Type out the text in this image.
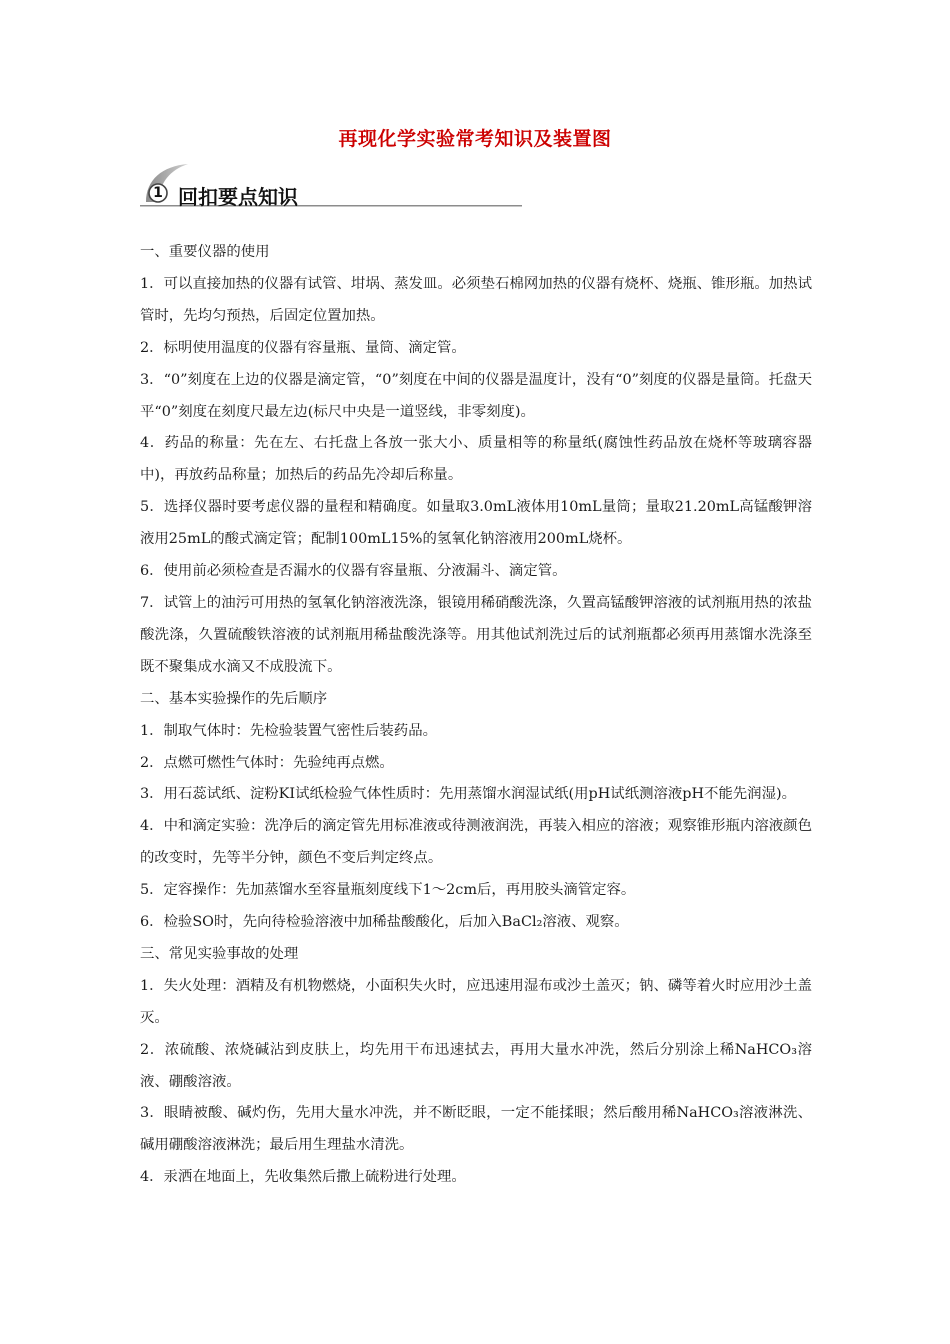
再现化学实验常考知识及装置图
1 回扣要点知识

一、重要仪器的使用

1．可以直接加热的仪器有试管、坩埚、蒸发皿。必须垫石棉网加热的仪器有烧杯、烧瓶、锥形瓶。加热试管时，先均匀预热，后固定位置加热。

2．标明使用温度的仪器有容量瓶、量筒、滴定管。

3．“0”刻度在上边的仪器是滴定管，“0”刻度在中间的仪器是温度计，没有“0”刻度的仪器是量筒。托盘天平“0”刻度在刻度尺最左边(标尺中央是一道竖线，非零刻度)。

4．药品的称量：先在左、右托盘上各放一张大小、质量相等的称量纸(腐蚀性药品放在烧杯等玻璃容器中)，再放药品称量；加热后的药品先冷却后称量。

5．选择仪器时要考虑仪器的量程和精确度。如量取3.0mL液体用10mL量筒；量取21.20mL高锰酸钾溶液用25mL的酸式滴定管；配制100mL15%的氢氧化钠溶液用200mL烧杯。

6．使用前必须检查是否漏水的仪器有容量瓶、分液漏斗、滴定管。

7．试管上的油污可用热的氢氧化钠溶液洗涤，银镜用稀硝酸洗涤，久置高锰酸钾溶液的试剂瓶用热的浓盐酸洗涤，久置硫酸铁溶液的试剂瓶用稀盐酸洗涤等。用其他试剂洗过后的试剂瓶都必须再用蒸馏水洗涤至既不聚集成水滴又不成股流下。

二、基本实验操作的先后顺序

1．制取气体时：先检验装置气密性后装药品。

2．点燃可燃性气体时：先验纯再点燃。

3．用石蕊试纸、淀粉KI试纸检验气体性质时：先用蒸馏水润湿试纸(用pH试纸测溶液pH不能先润湿)。

4．中和滴定实验：洗净后的滴定管先用标准液或待测液润洗，再装入相应的溶液；观察锥形瓶内溶液颜色的改变时，先等半分钟，颜色不变后判定终点。

5．定容操作：先加蒸馏水至容量瓶刻度线下1～2cm后，再用胶头滴管定容。

6．检验SO时，先向待检验溶液中加稀盐酸酸化，后加入BaCl₂溶液、观察。

三、常见实验事故的处理

1．失火处理：酒精及有机物燃烧，小面积失火时，应迅速用湿布或沙土盖灭；钠、磷等着火时应用沙土盖灭。

2．浓硫酸、浓烧碱沾到皮肤上，均先用干布迅速拭去，再用大量水冲洗，然后分别涂上稀NaHCO₃溶液、硼酸溶液。

3．眼睛被酸、碱灼伤，先用大量水冲洗，并不断眨眼，一定不能揉眼；然后酸用稀NaHCO₃溶液淋洗、碱用硼酸溶液淋洗；最后用生理盐水清洗。

4．汞洒在地面上，先收集然后撒上硫粉进行处理。
